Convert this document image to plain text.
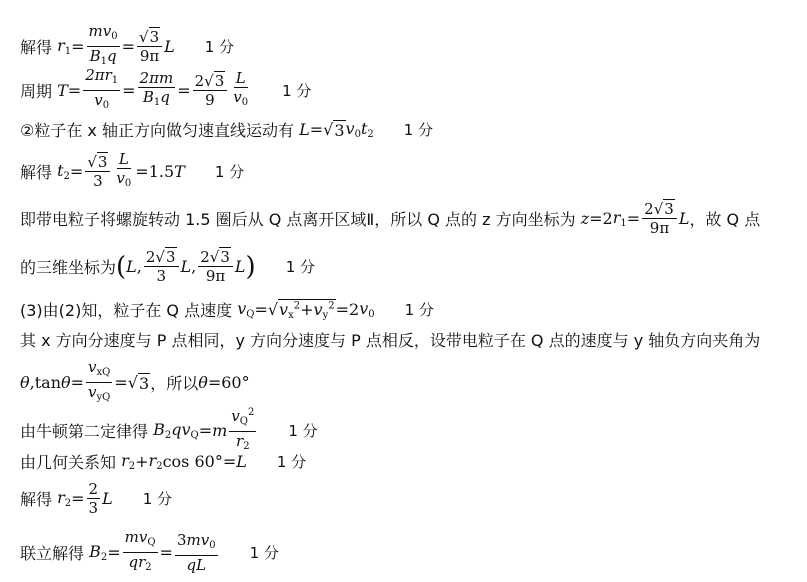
解得 $r_1 = \frac{mv_0}{B_1q} = \frac{√3}{9\pi}$ L 1 分
周期 $T = \frac{2\pi r_1}{v_0} = \frac{2\pi m}{B_1q} = \frac{2√3}{9} \frac{L}{v_0} 1$ 分
②粒子在 x 轴正方向做匀速直线运动有 L =√ 3 $v_0t_2$ 1 分
解得 $t_2 = \frac{√3}{3} \frac{L}{v_0} =1.5$ T 1 分
即带电粒子将螺旋转动 1.5 圈后从 Q 点离开区域Ⅱ，所以 Q 点的 z 方向坐标为 z =2 $r_1 = \frac{2√3}{9\pi}$ L ，故 Q 点
的三维坐标为 ( L , $\frac{2√3}{3}$ L , $\frac{2√3}{9\pi}$ L ) 1 分
(3)由(2)知，粒子在 Q 点速度 $v_Q$ =√ $v_x^2+v_y^2 =2$ $v_0$ 1 分
其 x 方向分速度与 P 点相同，y 方向分速度与 P 点相反，设带电粒子在 Q 点的速度与 y 轴负方向夹角为
θ ,tan $\theta = \frac{v_{xQ}}{v_{yQ}}$ =√ 3 ，所以 θ =60°
由牛顿第二定律得 $B_2qv_Q = m \frac{v_Q^2}{r_2} 1$ 分
由几何关系知 $r_2 + r_2$ cos 60°= L 1 分
解得 $r_2 = \frac{2}{3}$ L 1 分
联立解得 $B_2 = \frac{mv_Q}{qr_2} = \frac{3mv_0}{qL} 1$ 分
